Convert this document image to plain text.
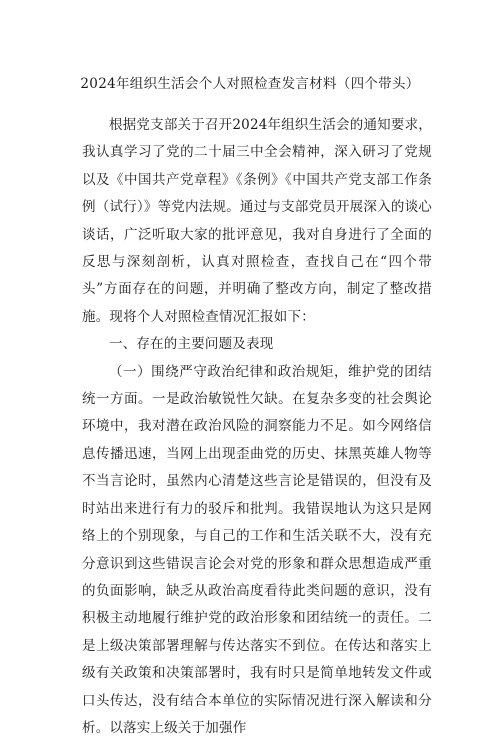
2024年组织生活会个人对照检查发言材料（四个带头）

根据党支部关于召开2024年组织生活会的通知要求，我认真学习了党的二十届三中全会精神，深入研习了党规以及《中国共产党章程》《条例》《中国共产党支部工作条例（试行）》等党内法规。通过与支部党员开展深入的谈心谈话，广泛听取大家的批评意见，我对自身进行了全面的反思与深刻剖析，认真对照检查，查找自己在“四个带头”方面存在的问题，并明确了整改方向，制定了整改措施。现将个人对照检查情况汇报如下：

一、存在的主要问题及表现

（一）围绕严守政治纪律和政治规矩，维护党的团结统一方面。一是政治敏锐性欠缺。在复杂多变的社会舆论环境中，我对潜在政治风险的洞察能力不足。如今网络信息传播迅速，当网上出现歪曲党的历史、抹黑英雄人物等不当言论时，虽然内心清楚这些言论是错误的，但没有及时站出来进行有力的驳斥和批判。我错误地认为这只是网络上的个别现象，与自己的工作和生活关联不大，没有充分意识到这些错误言论会对党的形象和群众思想造成严重的负面影响，缺乏从政治高度看待此类问题的意识，没有积极主动地履行维护党的政治形象和团结统一的责任。二是上级决策部署理解与传达落实不到位。在传达和落实上级有关政策和决策部署时，我有时只是简单地转发文件或口头传达，没有结合本单位的实际情况进行深入解读和分析。以落实上级关于加强作
